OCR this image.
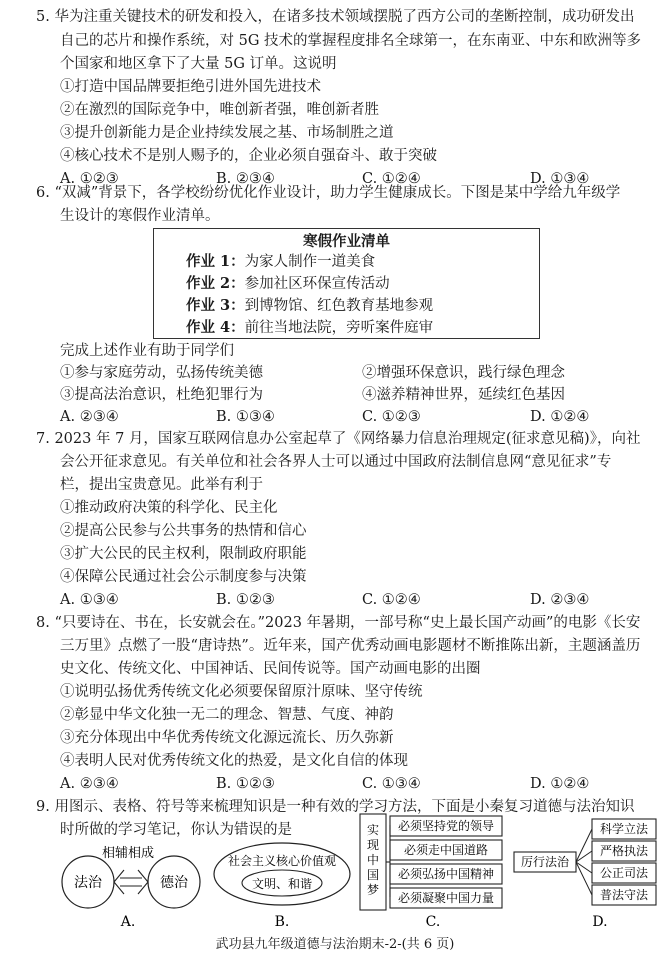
5. 华为注重关键技术的研发和投入，在诸多技术领域摆脱了西方公司的垄断控制，成功研发出
自己的芯片和操作系统，对 5G 技术的掌握程度排名全球第一，在东南亚、中东和欧洲等多
个国家和地区拿下了大量 5G 订单。这说明
①打造中国品牌要拒绝引进外国先进技术
②在激烈的国际竞争中，唯创新者强，唯创新者胜
③提升创新能力是企业持续发展之基、市场制胜之道
④核心技术不是别人赐予的，企业必须自强奋斗、敢于突破
A. ①②③	B. ②③④	C. ①②④	D. ①③④
6. “双减”背景下，各学校纷纷优化作业设计，助力学生健康成长。下图是某中学给九年级学
生设计的寒假作业清单。
寒假作业清单
作业 1：为家人制作一道美食
作业 2：参加社区环保宣传活动
作业 3：到博物馆、红色教育基地参观
作业 4：前往当地法院，旁听案件庭审
完成上述作业有助于同学们
①参与家庭劳动，弘扬传统美德	②增强环保意识，践行绿色理念
③提高法治意识，杜绝犯罪行为	④滋养精神世界，延续红色基因
A. ②③④	B. ①③④	C. ①②③	D. ①②④
7. 2023 年 7 月，国家互联网信息办公室起草了《网络暴力信息治理规定(征求意见稿)》，向社
会公开征求意见。有关单位和社会各界人士可以通过中国政府法制信息网“意见征求”专
栏，提出宝贵意见。此举有利于
①推动政府决策的科学化、民主化
②提高公民参与公共事务的热情和信心
③扩大公民的民主权利，限制政府职能
④保障公民通过社会公示制度参与决策
A. ①③④	B. ①②③	C. ①②④	D. ②③④
8. “只要诗在、书在，长安就会在。”2023 年暑期，一部号称“史上最长国产动画”的电影《长安
三万里》点燃了一股“唐诗热”。近年来，国产优秀动画电影题材不断推陈出新，主题涵盖历
史文化、传统文化、中国神话、民间传说等。国产动画电影的出圈
①说明弘扬优秀传统文化必须要保留原汁原味、坚守传统
②彰显中华文化独一无二的理念、智慧、气度、神韵
③充分体现出中华优秀传统文化源远流长、历久弥新
④表明人民对优秀传统文化的热爱，是文化自信的体现
A. ②③④	B. ①②③	C. ①③④	D. ①②④
9. 用图示、表格、符号等来梳理知识是一种有效的学习方法，下面是小秦复习道德与法治知识
时所做的学习笔记，你认为错误的是
相辅相成
法治	德治
A.
社会主义核心价值观
文明、和谐
B.
实
现
中
国
梦
必须坚持党的领导
必须走中国道路
必须弘扬中国精神
必须凝聚中国力量
C.
厉行法治
科学立法
严格执法
公正司法
普法守法
D.
武功县九年级道德与法治期末-2-(共 6 页)
